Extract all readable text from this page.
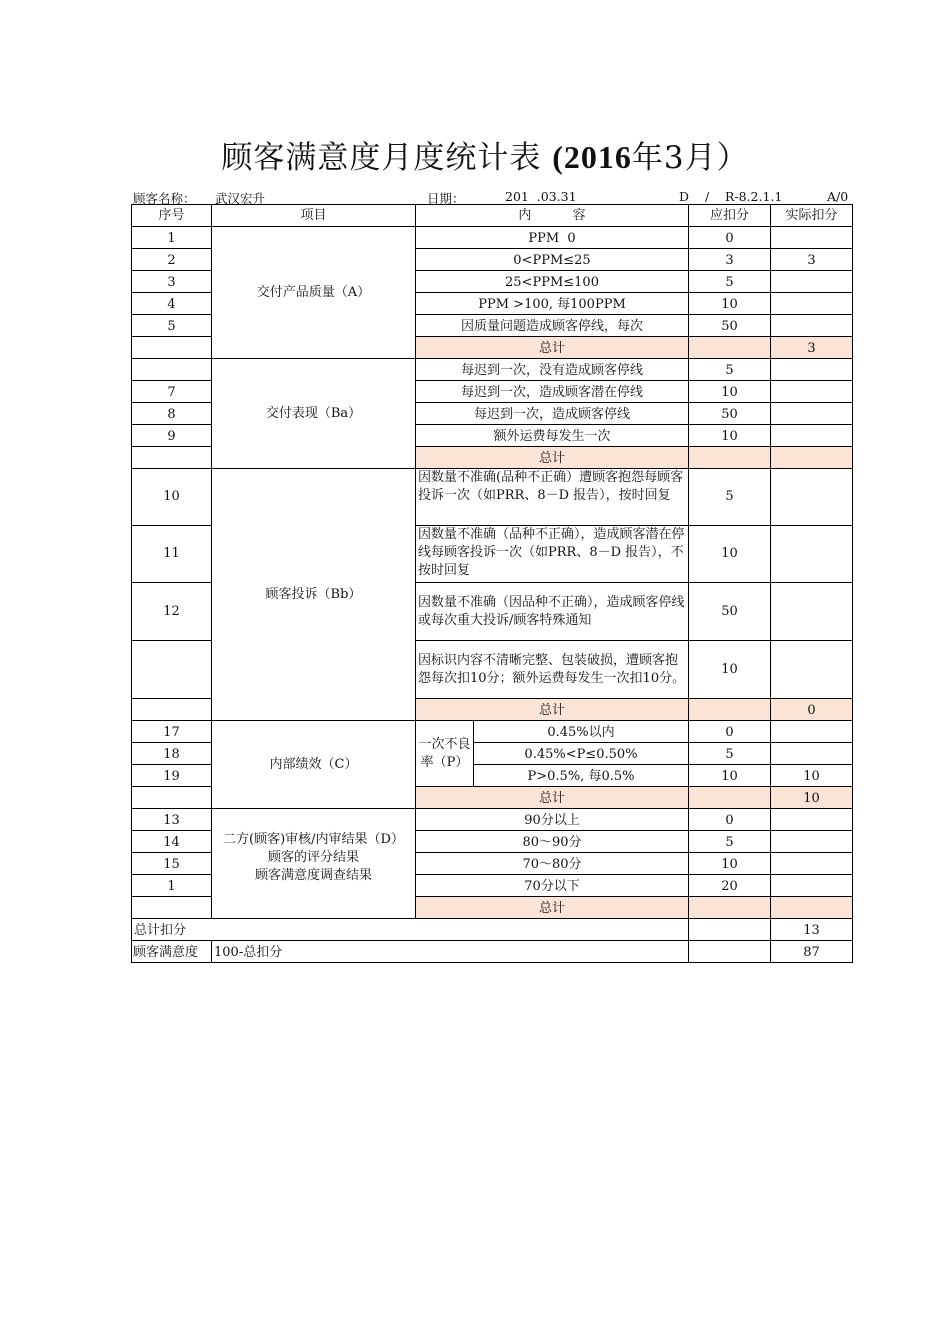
顾客满意度月度统计表 (2016年3月）
顾客名称： 武汉宏升	日期：	201  .03.31	D / R-8.2.1.1	A/0
序号	项目	内          容		应扣分	实际扣分
1	交付产品质量（A）	PPM  0		0	
2		0<PPM≤25		3	3
3		25<PPM≤100		5	
4		PPM >100, 每100PPM		10	
5		因质量问题造成顾客停线，每次		50	
		总计			3
	交付表现（Ba）	每迟到一次，没有造成顾客停线		5	
7		每迟到一次，造成顾客潜在停线		10	
8		每迟到一次，造成顾客停线		50	
9		额外运费每发生一次		10	
		总计			
10	顾客投诉（Bb）	因数量不准确(品种不正确）遭顾客抱怨每顾客投诉一次（如PRR、8－D 报告），按时回复		5	
11		因数量不准确（品种不正确），造成顾客潜在停线每顾客投诉一次（如PRR、8－D 报告），不按时回复		10	
12		因数量不准确（因品种不正确），造成顾客停线或每次重大投诉/顾客特殊通知		50	
		因标识内容不清晰完整、包装破损，遭顾客抱怨每次扣10分；额外运费每发生一次扣10分。		10	
		总计			0
17	内部绩效（C）	一次不良率（P）	0.45%以内	0	
18			0.45%<P≤0.50%	5	
19			P>0.5%, 每0.5%	10	10
		总计			10
13	二方(顾客)审核/内审结果（D）
顾客的评分结果
顾客满意度调查结果	90分以上		0	
14		80～90分		5	
15		70～80分		10	
1		70分以下		20	
		总计			
总计扣分					13
顾客满意度	100-总扣分				87
